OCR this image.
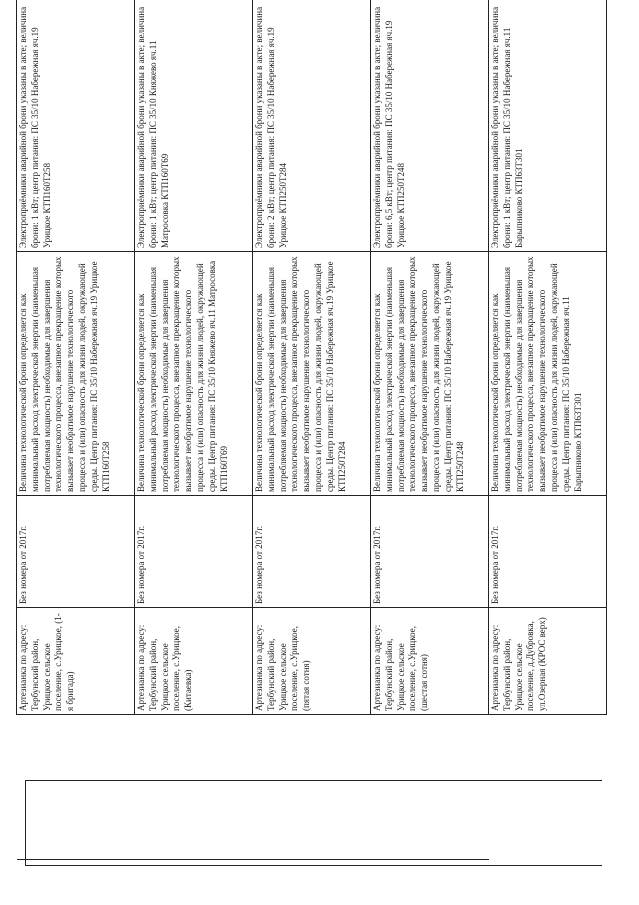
	Артезианка по адресу: Тербунский район, Урицкое сельское поселение, с.Урицкое, (1-я бригада)	Без номера от 2017г.	Величина технологической брони определяется как минимальный расход электрической энергии (наименьшая потребляемая мощность) необходимые для завершения технологического процесса, внезапное прекращение которых вызывает необратимое нарушение технологического процесса и (или) опасность для жизни людей, окружающей среды. Центр питания: ПС 35/10 Набережная яч.19 Урицкое КТП160Т258	Электроприёмники аварийной брони указаны в акте; величина брони: 1 кВт; центр питания: ПС 35/10 Набережная яч.19 Урицкое КТП160Т258
	Артезианка по адресу: Тербунский район, Урицкое сельское поселение, с.Урицкое, (Китаевка)	Без номера от 2017г.	Величина технологической брони определяется как минимальный расход электрической энергии (наименьшая потребляемая мощность) необходимые для завершения технологического процесса, внезапное прекращение которых вызывает необратимое нарушение технологического процесса и (или) опасность для жизни людей, окружающей среды. Центр питания: ПС 35/10 Княжево яч.11 Матросовка КТП160Т69	Электроприёмники аварийной брони указаны в акте; величина брони: 1 кВт; центр питания: ПС 35/10 Княжево яч.11 Матросовка КТП160Т69
	Артезианка по адресу: Тербунский район, Урицкое сельское поселение, с.Урицкое, (пятая сотня)	Без номера от 2017г.	Величина технологической брони определяется как минимальный расход электрической энергии (наименьшая потребляемая мощность) необходимые для завершения технологического процесса, внезапное прекращение которых вызывает необратимое нарушение технологического процесса и (или) опасность для жизни людей, окружающей среды. Центр питания: ПС 35/10 Набережная яч.19 Урицкое КТП250Т284	Электроприёмники аварийной брони указаны в акте; величина брони: 2 кВт; центр питания: ПС 35/10 Набережная яч.19 Урицкое КТП250Т284
	Артезианка по адресу: Тербунский район, Урицкое сельское поселение, с.Урицкое, (шестая сотня)	Без номера от 2017г.	Величина технологической брони определяется как минимальный расход электрической энергии (наименьшая потребляемая мощность) необходимые для завершения технологического процесса, внезапное прекращение которых вызывает необратимое нарушение технологического процесса и (или) опасность для жизни людей, окружающей среды. Центр питания: ПС 35/10 Набережная яч.19 Урицкое КТП250Т248	Электроприёмники аварийной брони указаны в акте; величина брони: 6,5 кВт; центр питания: ПС 35/10 Набережная яч.19 Урицкое КТП250Т248
	Артезианка по адресу: Тербунский район, Урицкое сельское поселение, д.Дубровка, ул.Озерная (КРОС верх)	Без номера от 2017г.	Величина технологической брони определяется как минимальный расход электрической энергии (наименьшая потребляемая мощность) необходимые для завершения технологического процесса, внезапное прекращение которых вызывает необратимое нарушение технологического процесса и (или) опасность для жизни людей, окружающей среды. Центр питания: ПС 35/10 Набережная яч.11 Барыпниково КТП63Т301	Электроприёмники аварийной брони указаны в акте; величина брони: 1 кВт; центр питания: ПС 35/10 Набережная яч.11 Барыпниково КТП63Т301
